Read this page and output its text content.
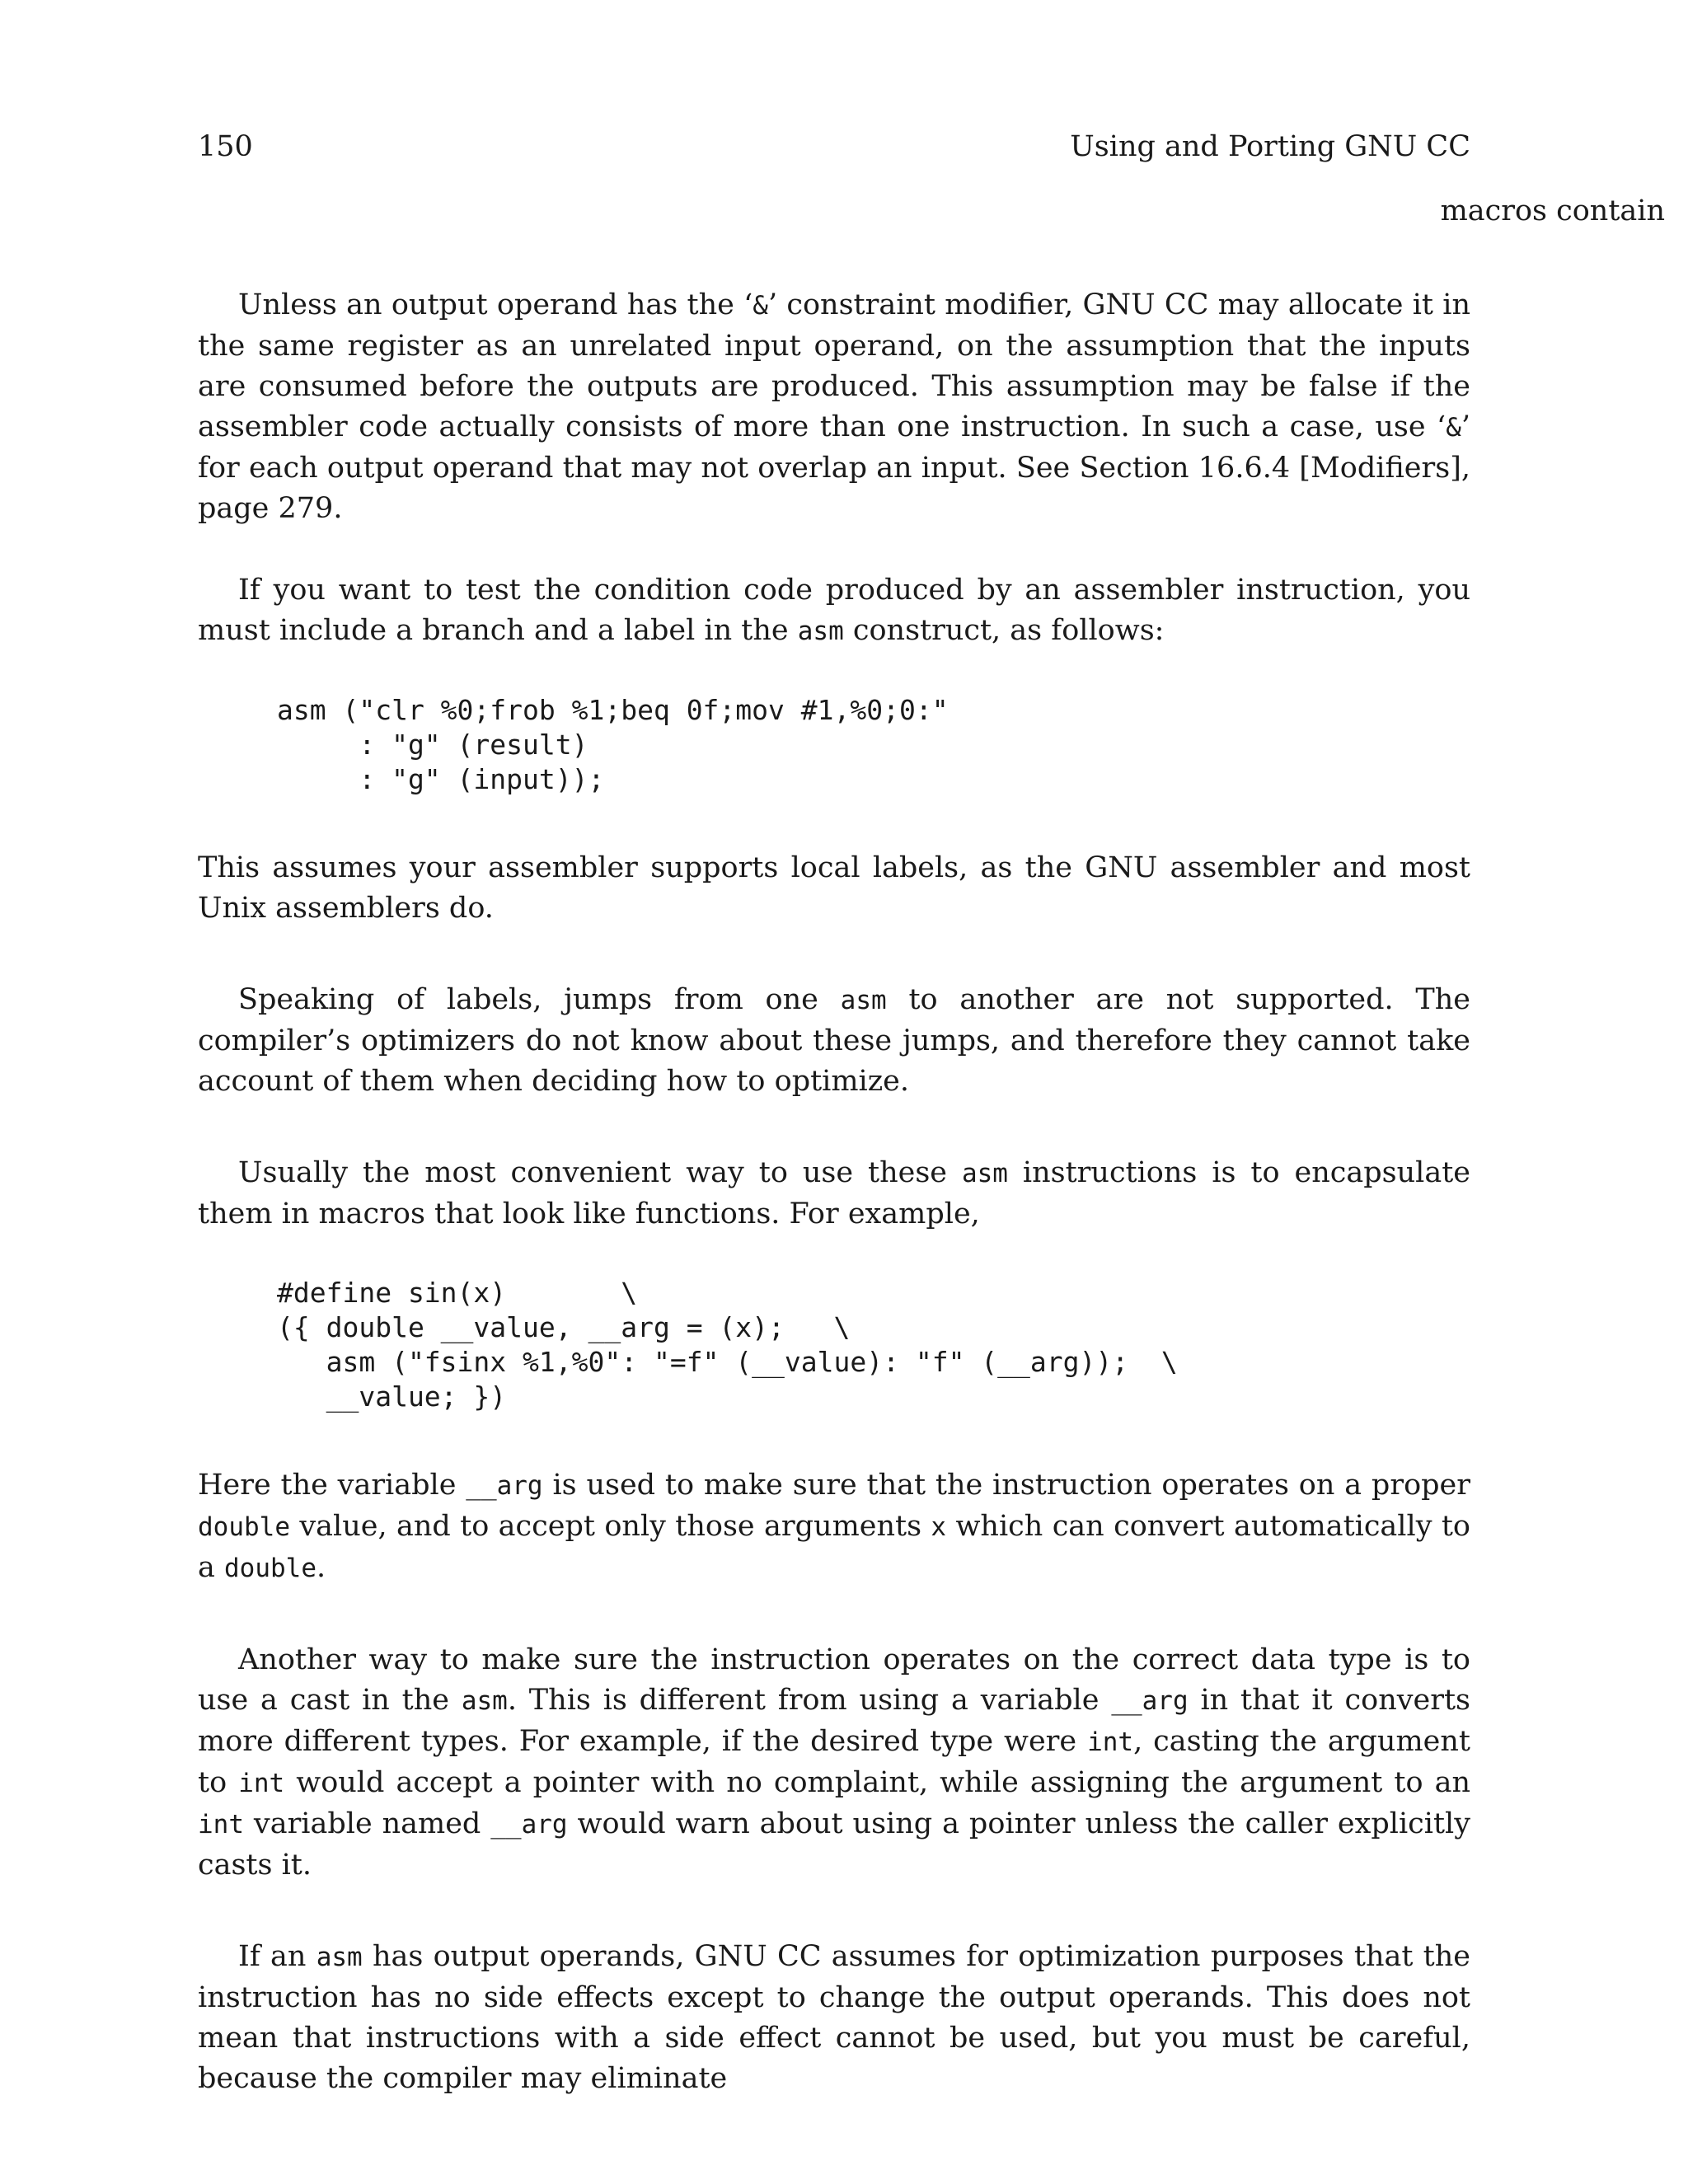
150	Using and Porting GNU CC
macros contain

Unless an output operand has the ‘&’ constraint modifier, GNU CC may allocate it in the same register as an unrelated input operand, on the assumption that the inputs are consumed before the outputs are produced. This assumption may be false if the assembler code actually consists of more than one instruction. In such a case, use ‘&’ for each output operand that may not overlap an input. See Section 16.6.4 [Modifiers], page 279.

If you want to test the condition code produced by an assembler instruction, you must include a branch and a label in the asm construct, as follows:

asm ("clr %0;frob %1;beq 0f;mov #1,%0;0:"
: "g" (result)
: "g" (input));

This assumes your assembler supports local labels, as the GNU assembler and most Unix assemblers do.

Speaking of labels, jumps from one asm to another are not supported. The compiler’s optimizers do not know about these jumps, and therefore they cannot take account of them when deciding how to optimize.

Usually the most convenient way to use these asm instructions is to encapsulate them in macros that look like functions. For example,

#define sin(x)       \
({ double __value, __arg = (x);   \
asm ("fsinx %1,%0": "=f" (__value): "f" (__arg));  \
__value; })

Here the variable __arg is used to make sure that the instruction operates on a proper double value, and to accept only those arguments x which can convert automatically to a double.

Another way to make sure the instruction operates on the correct data type is to use a cast in the asm. This is different from using a variable __arg in that it converts more different types. For example, if the desired type were int, casting the argument to int would accept a pointer with no complaint, while assigning the argument to an int variable named __arg would warn about using a pointer unless the caller explicitly casts it.

If an asm has output operands, GNU CC assumes for optimization purposes that the instruction has no side effects except to change the output operands. This does not mean that instructions with a side effect cannot be used, but you must be careful, because the compiler may eliminate
